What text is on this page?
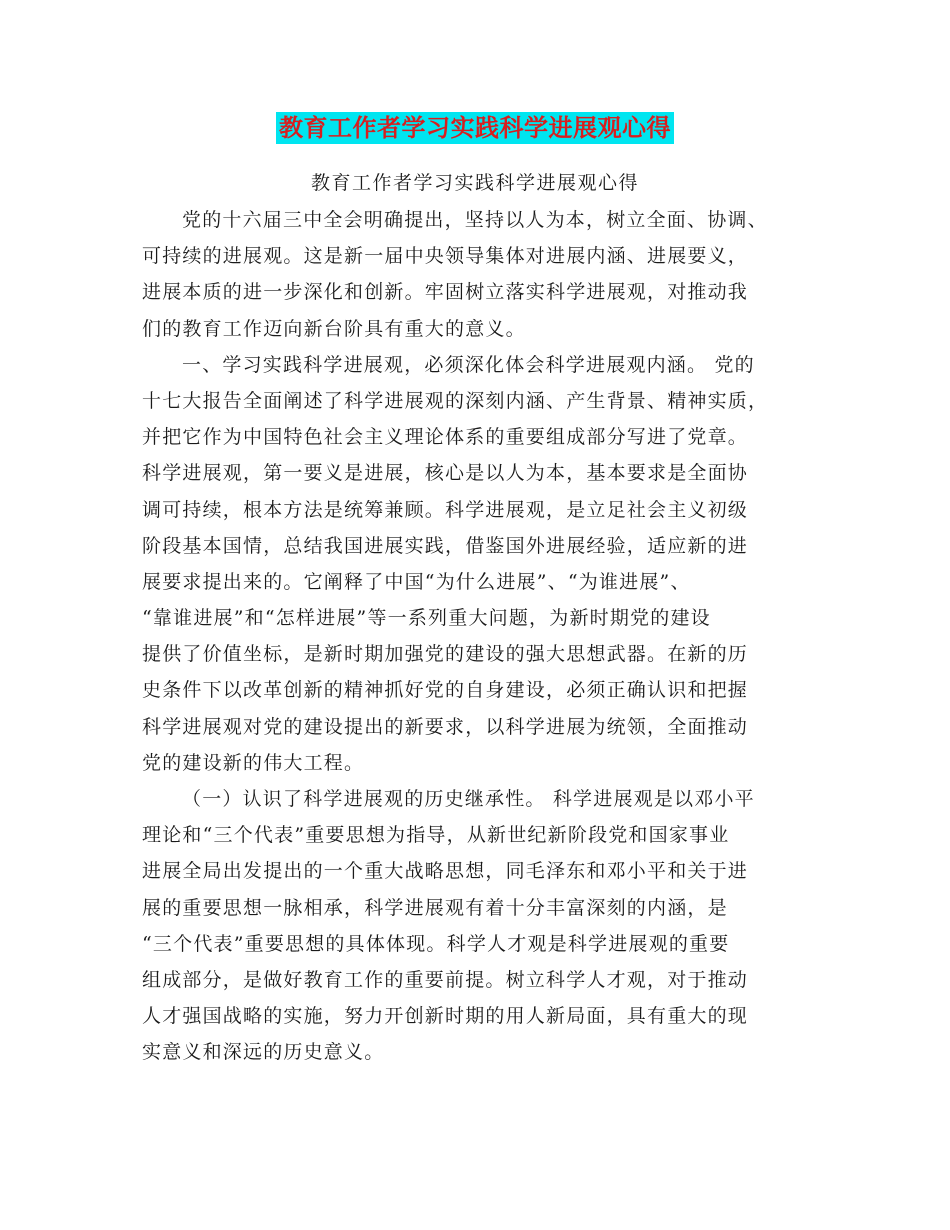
教育工作者学习实践科学进展观心得
教育工作者学习实践科学进展观心得
党的十六届三中全会明确提出，坚持以人为本，树立全面、协调、
可持续的进展观。这是新一届中央领导集体对进展内涵、进展要义，
进展本质的进一步深化和创新。牢固树立落实科学进展观，对推动我
们的教育工作迈向新台阶具有重大的意义。
一、学习实践科学进展观，必须深化体会科学进展观内涵。 党的
十七大报告全面阐述了科学进展观的深刻内涵、产生背景、精神实质，
并把它作为中国特色社会主义理论体系的重要组成部分写进了党章。
科学进展观，第一要义是进展，核心是以人为本，基本要求是全面协
调可持续，根本方法是统筹兼顾。科学进展观，是立足社会主义初级
阶段基本国情，总结我国进展实践，借鉴国外进展经验，适应新的进
展要求提出来的。它阐释了中国“为什么进展”、“为谁进展”、
“靠谁进展”和“怎样进展”等一系列重大问题，为新时期党的建设
提供了价值坐标，是新时期加强党的建设的强大思想武器。在新的历
史条件下以改革创新的精神抓好党的自身建设，必须正确认识和把握
科学进展观对党的建设提出的新要求，以科学进展为统领，全面推动
党的建设新的伟大工程。
（一）认识了科学进展观的历史继承性。 科学进展观是以邓小平
理论和“三个代表”重要思想为指导，从新世纪新阶段党和国家事业
进展全局出发提出的一个重大战略思想，同毛泽东和邓小平和关于进
展的重要思想一脉相承，科学进展观有着十分丰富深刻的内涵，是
“三个代表”重要思想的具体体现。科学人才观是科学进展观的重要
组成部分，是做好教育工作的重要前提。树立科学人才观，对于推动
人才强国战略的实施，努力开创新时期的用人新局面，具有重大的现
实意义和深远的历史意义。
